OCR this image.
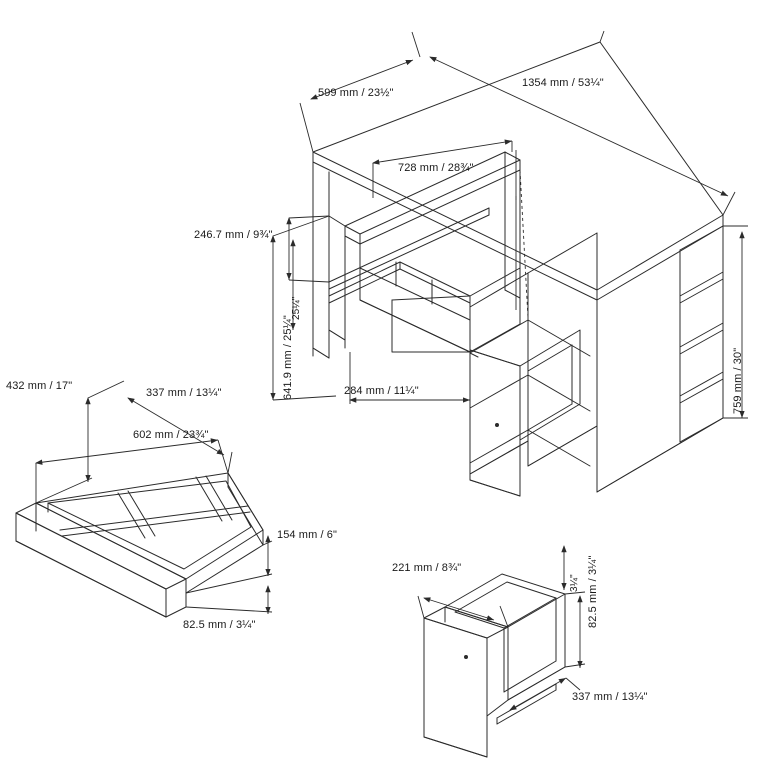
599 mm / 23½"
1354 mm / 53¼"
728 mm / 28¾"
246.7 mm / 9¾"
641.9 mm / 25¼"	284 mm / 11¼"	759 mm / 30"
432 mm / 17"
337 mm / 13¼"
602 mm / 23¾"
154 mm / 6"
82.5 mm / 3¼"
221 mm / 8¾"	82.5 mm / 3¼"
337 mm / 13¼"
25¼"
3¼"
